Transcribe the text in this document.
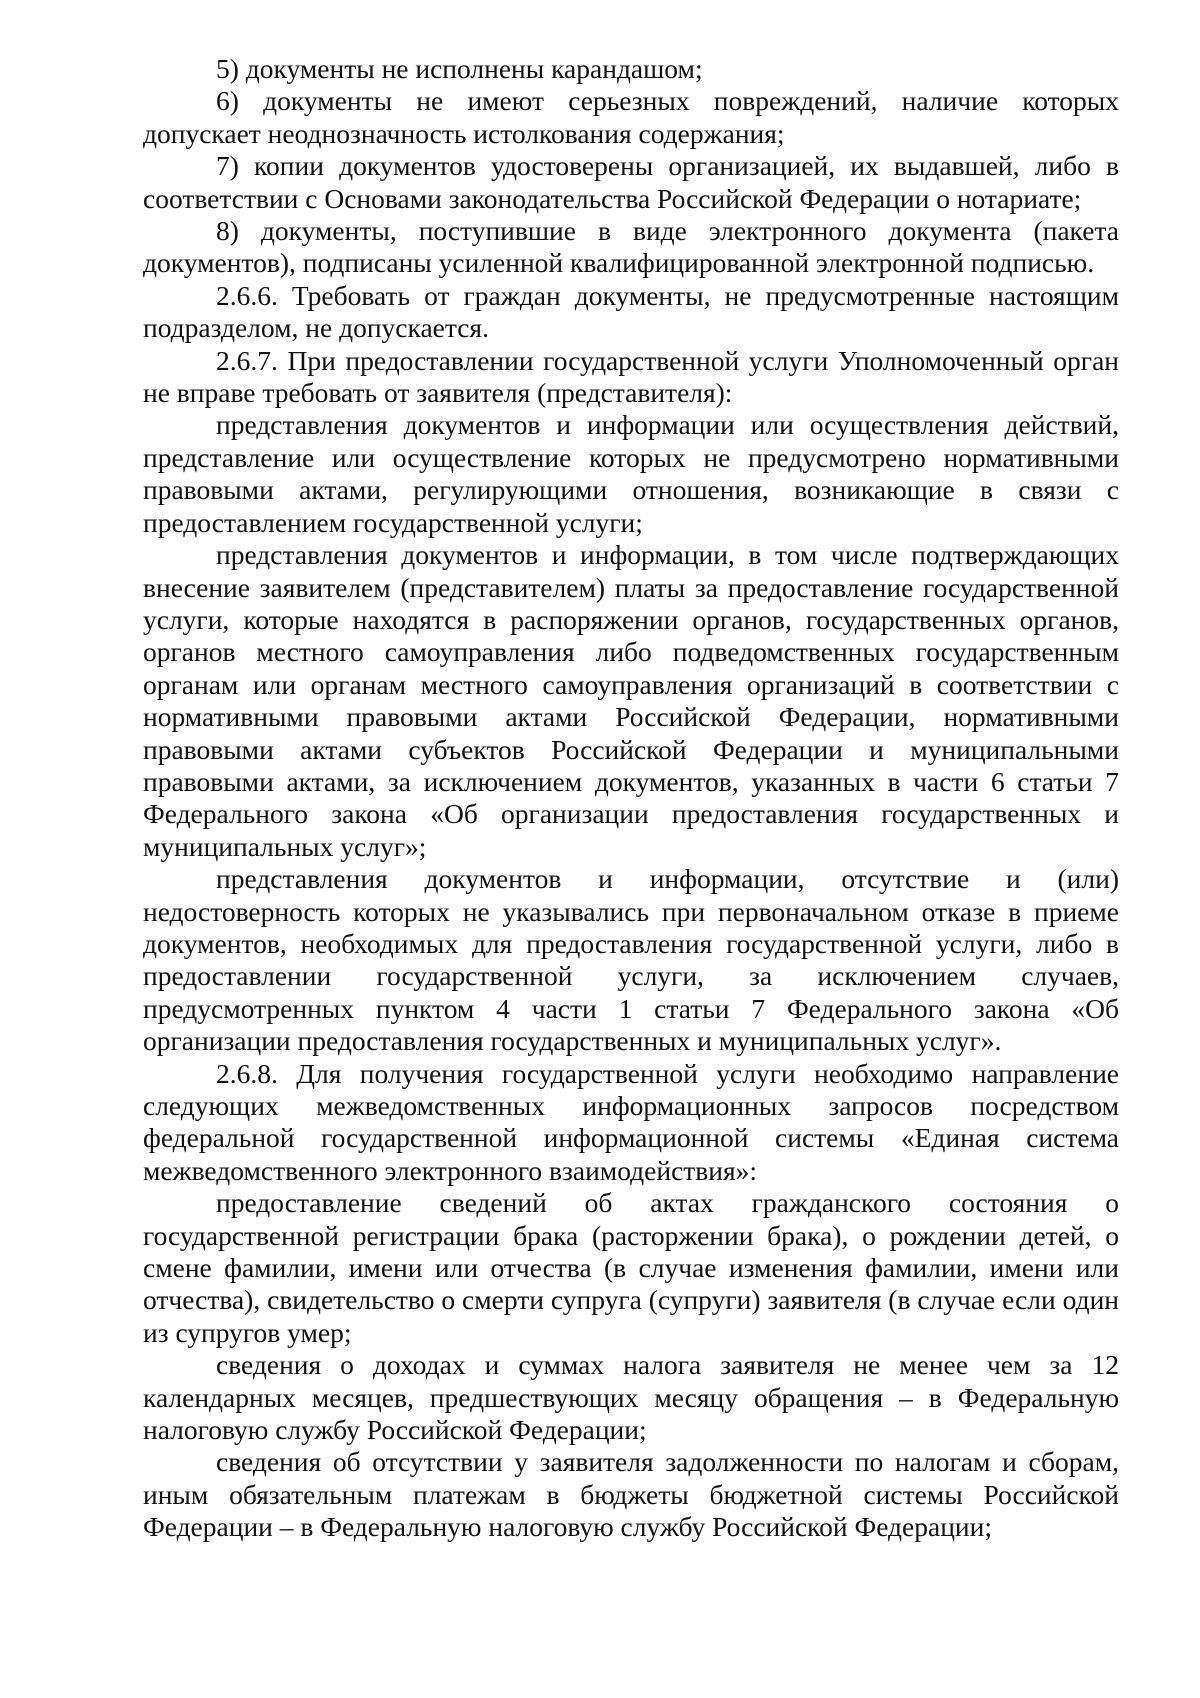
5) документы не исполнены карандашом;

6) документы не имеют серьезных повреждений, наличие которых допускает неоднозначность истолкования содержания;

7) копии документов удостоверены организацией, их выдавшей, либо в соответствии с Основами законодательства Российской Федерации о нотариате;

8) документы, поступившие в виде электронного документа (пакета документов), подписаны усиленной квалифицированной электронной подписью.

2.6.6. Требовать от граждан документы, не предусмотренные настоящим подразделом, не допускается.

2.6.7. При предоставлении государственной услуги Уполномоченный орган не вправе требовать от заявителя (представителя):

представления документов и информации или осуществления действий, представление или осуществление которых не предусмотрено нормативными правовыми актами, регулирующими отношения, возникающие в связи с предоставлением государственной услуги;

представления документов и информации, в том числе подтверждающих внесение заявителем (представителем) платы за предоставление государственной услуги, которые находятся в распоряжении органов, государственных органов, органов местного самоуправления либо подведомственных государственным органам или органам местного самоуправления организаций в соответствии с нормативными правовыми актами Российской Федерации, нормативными правовыми актами субъектов Российской Федерации и муниципальными правовыми актами, за исключением документов, указанных в части 6 статьи 7 Федерального закона «Об организации предоставления государственных и муниципальных услуг»;

представления документов и информации, отсутствие и (или) недостоверность которых не указывались при первоначальном отказе в приеме документов, необходимых для предоставления государственной услуги, либо в предоставлении государственной услуги, за исключением случаев, предусмотренных пунктом 4 части 1 статьи 7 Федерального закона «Об организации предоставления государственных и муниципальных услуг».

2.6.8. Для получения государственной услуги необходимо направление следующих межведомственных информационных запросов посредством федеральной государственной информационной системы «Единая система межведомственного электронного взаимодействия»:

предоставление сведений об актах гражданского состояния о государственной регистрации брака (расторжении брака), о рождении детей, о смене фамилии, имени или отчества (в случае изменения фамилии, имени или отчества), свидетельство о смерти супруга (супруги) заявителя (в случае если один из супругов умер;

сведения о доходах и суммах налога заявителя не менее чем за 12 календарных месяцев, предшествующих месяцу обращения – в Федеральную налоговую службу Российской Федерации;

сведения об отсутствии у заявителя задолженности по налогам и сборам, иным обязательным платежам в бюджеты бюджетной системы Российской Федерации – в Федеральную налоговую службу Российской Федерации;
